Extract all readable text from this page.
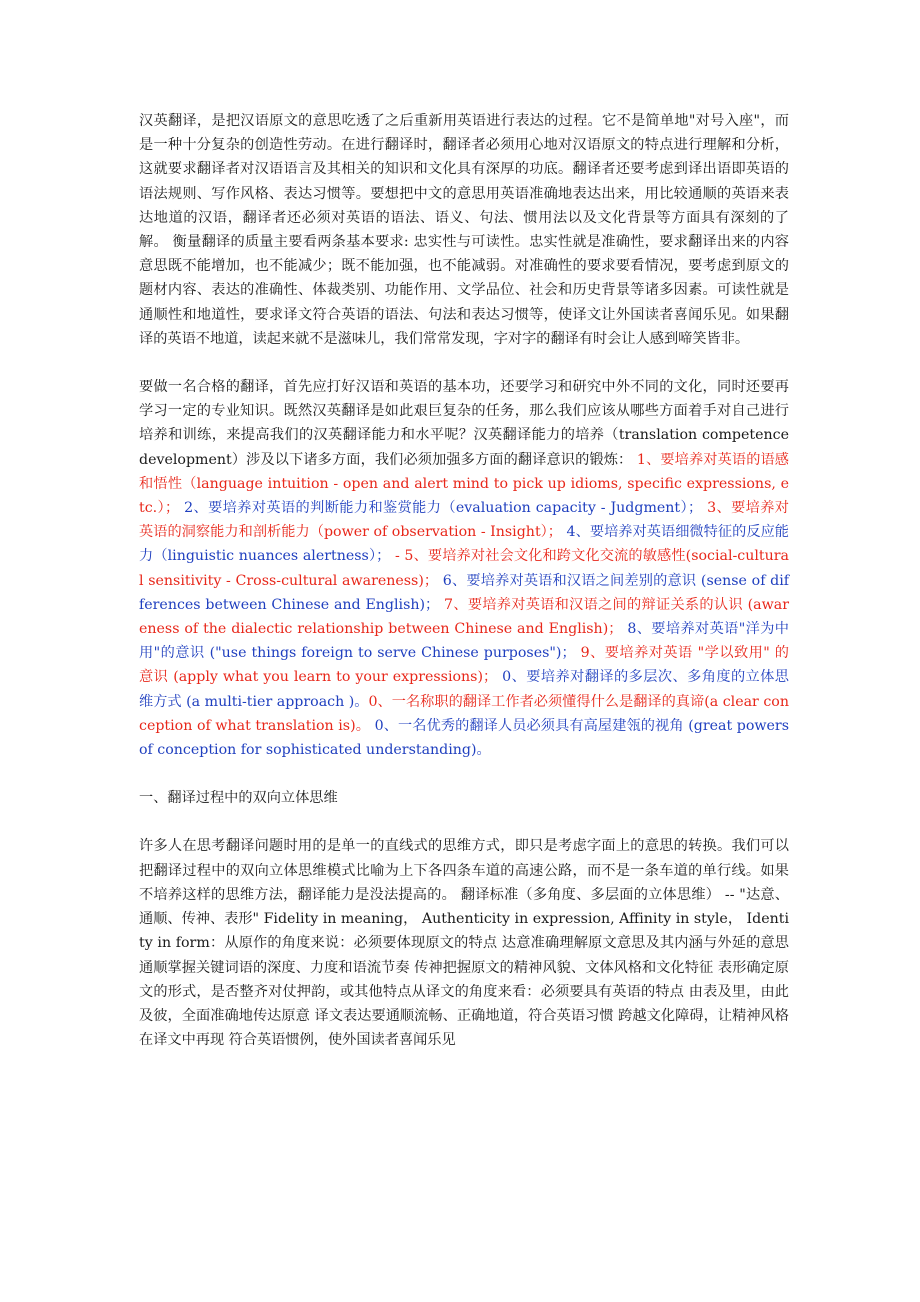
汉英翻译，是把汉语原文的意思吃透了之后重新用英语进行表达的过程。它不是简单地"对号入座"，而是一种十分复杂的创造性劳动。在进行翻译时，翻译者必须用心地对汉语原文的特点进行理解和分析，这就要求翻译者对汉语语言及其相关的知识和文化具有深厚的功底。翻译者还要考虑到译出语即英语的语法规则、写作风格、表达习惯等。要想把中文的意思用英语准确地表达出来，用比较通顺的英语来表达地道的汉语，翻译者还必须对英语的语法、语义、句法、惯用法以及文化背景等方面具有深刻的了解。 衡量翻译的质量主要看两条基本要求: 忠实性与可读性。忠实性就是准确性，要求翻译出来的内容意思既不能增加，也不能减少；既不能加强，也不能减弱。对准确性的要求要看情况，要考虑到原文的题材内容、表达的准确性、体裁类别、功能作用、文学品位、社会和历史背景等诸多因素。可读性就是通顺性和地道性，要求译文符合英语的语法、句法和表达习惯等，使译文让外国读者喜闻乐见。如果翻译的英语不地道，读起来就不是滋味儿，我们常常发现，字对字的翻译有时会让人感到啼笑皆非。

要做一名合格的翻译，首先应打好汉语和英语的基本功，还要学习和研究中外不同的文化，同时还要再学习一定的专业知识。既然汉英翻译是如此艰巨复杂的任务，那么我们应该从哪些方面着手对自己进行培养和训练，来提高我们的汉英翻译能力和水平呢？汉英翻译能力的培养（translation competence development）涉及以下诸多方面，我们必须加强多方面的翻译意识的锻炼： 1、要培养对英语的语感和悟性（language intuition - open and alert mind to pick up idioms, specific expressions, etc.）； 2、要培养对英语的判断能力和鉴赏能力（evaluation capacity - Judgment）； 3、要培养对英语的洞察能力和剖析能力（power of observation - Insight）； 4、要培养对英语细微特征的反应能力（linguistic nuances alertness）； - 5、要培养对社会文化和跨文化交流的敏感性(social-cultural sensitivity - Cross-cultural awareness)； 6、要培养对英语和汉语之间差别的意识 (sense of differences between Chinese and English)； 7、要培养对英语和汉语之间的辩证关系的认识 (awareness of the dialectic relationship between Chinese and English)； 8、要培养对英语"洋为中用"的意识 ("use things foreign to serve Chinese purposes")； 9、要培养对英语 "学以致用" 的意识 (apply what you learn to your expressions)； 0、要培养对翻译的多层次、多角度的立体思维方式 (a multi-tier approach )。0、一名称职的翻译工作者必须懂得什么是翻译的真谛(a clear conception of what translation is)。 0、一名优秀的翻译人员必须具有高屋建瓴的视角 (great powers of conception for sophisticated understanding)。

一、翻译过程中的双向立体思维

许多人在思考翻译问题时用的是单一的直线式的思维方式，即只是考虑字面上的意思的转换。我们可以把翻译过程中的双向立体思维模式比喻为上下各四条车道的高速公路，而不是一条车道的单行线。如果不培养这样的思维方法，翻译能力是没法提高的。 翻译标准（多角度、多层面的立体思维） -- "达意、通顺、传神、表形" Fidelity in meaning， Authenticity in expression, Affinity in style， Identity in form：从原作的角度来说：必须要体现原文的特点 达意准确理解原文意思及其内涵与外延的意思 通顺掌握关键词语的深度、力度和语流节奏 传神把握原文的精神风貌、文体风格和文化特征 表形确定原文的形式，是否整齐对仗押韵，或其他特点从译文的角度来看：必须要具有英语的特点 由表及里，由此及彼，全面准确地传达原意 译文表达要通顺流畅、正确地道，符合英语习惯 跨越文化障碍，让精神风格在译文中再现 符合英语惯例，使外国读者喜闻乐见
